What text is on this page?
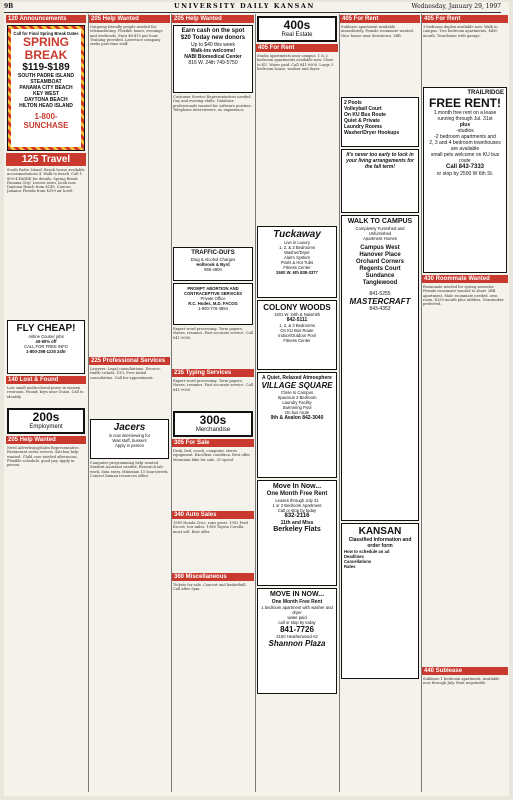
9B	UNIVERSITY DAILY KANSAN	Wednesday, January 29, 1997
120 Announcements
Call for Final Spring Break Dates
SPRING BREAK
$119-$189
SOUTH PADRE ISLAND
STEAMBOAT
PANAMA CITY BEACH
KEY WEST
DAYTONA BEACH
HILTON HEAD ISLAND
1-800-SUNCHASE
125 Travel
South Padre Island. Beach house available accommodations 4. Walk to beach. Call 1-800-4-PADRE for details. Spring Break Panama City! Lowest rates, book now. Daytona Beach from $149, Cancun Jamaica Florida from $399 air hotel.
FLY CHEAP!
Airline Courier jobs
40-90% off
CALL FOR FREE INFO
1-800-298-1230 24hr
140 Lost & Found
Lost small multicolored purse in women restroom. Found: keys near Union. Call to identify.
200s
Employment
205 Help Wanted
Need Advertising/Sales Representative. Restaurant seeks servers. Kitchen help wanted. Child care needed afternoons. Flexible schedule, good pay. Apply in person.
205 Help Wanted
Outgoing friendly people needed for telemarketing. Flexible hours, evenings and weekends. Earn $6-$10 per hour. Training provided. Lawrence company seeks part-time staff.
225 Professional Services
Lawyers: Legal consultations. Divorce, traffic tickets, DUI. Free initial consultation. Call for appointment.
Jacers
is now interviewing for
Wait staff, bussers
Apply in person
Computer programming help wanted. Student Assistant needed. Research lab work, data entry. Minimum 15 hours/week. Contact human resources office.
205 Help Wanted
Earn cash on the spot
$20 Today new donors
Up to $40 this week
Walk-ins welcome!
NABI Biomedical Center
816 W. 24th 749-5750
Customer Service Representatives needed. Day and evening shifts. Database professionals wanted for software position. Telephone interviewers, no experience.
TRAFFIC-DUI'S
Drug & Alcohol Charges
Holbrook & Byrd
865-4900
PROMPT ABORTION AND
CONTRACEPTIVE SERVICES
Private Office
R.C. Hodes, M.D. FACOG
1-800-776-4694
Expert word processing. Term papers, theses, resumes. Fast accurate service. Call 841-0000.
235 Typing Services
Expert word processing. Term papers, theses, resumes. Fast accurate service. Call 841-0000.
300s
Merchandise
305 For Sale
Desk, bed, couch, computer, stereo equipment. Excellent condition. Best offer. Mountain bike for sale, 21-speed.
340 Auto Sales
1989 Honda Civic, runs great. 1992 Ford Escort, low miles. 1988 Toyota Corolla, must sell. Best offer.
360 Miscellaneous
Tickets for sale. Concert and basketball. Call after 5pm.
400s
Real Estate
405 For Rent
Studio apartments near campus. 1 & 2 bedroom apartments available now. Close to KU. Water paid. Call 841-0000. Large 3 bedroom house, washer and dryer.
Tuckaway
Live in Luxury
1, 2, & 3 Bedrooms
Washer/Dryer
Alarm System
Pools & Hot Tubs
Fitness Center
2600 W. 6th 838-3377
COLONY WOODS
1301 W. 24th & Naismith
842-5111
1, 2, & 3 Bedrooms
On KU Bus Route
Indoor/Outdoor Pool
Fitness Center
A Quiet, Relaxed Atmosphere
VILLAGE SQUARE
Close to Campus
Spacious 2 Bedroom
Laundry Facility
Swimming Pool
On bus route
9th & Avalon 842-3040
Move In Now...
One Month Free Rent
Leases through July 31
1 or 2 Bedroom Apartment
Call or stop by today
832-2116
11th and Miss
Berkeley Flats
MOVE IN NOW...
One Month Free Rent
1 bedroom apartment with washer and dryer
water paid
call or stop by today
841-7726
2100 Heatherwood A2
Shannon Plaza
405 For Rent
Sublease apartment available immediately. Female roommate wanted. Nice house near downtown, 3BR.
2 Pools
Volleyball Court
On KU Bus Route
Quiet & Private
Laundry Rooms
Washer/Dryer Hookups
It's never too early to lock in your living arrangements for the fall term!
WALK TO CAMPUS
Completely Furnished and Unfurnished
Apartment Homes
Campus West
Hanover Place
Orchard Corners
Regents Court
Sundance
Tanglewood
841-5255
MASTERCRAFT
843-4353
KANSAN
Classified Information and order form
How to schedule an ad
Deadlines
Cancellations
Rates
405 For Rent
3 bedroom duplex available now. Walk to campus. Two bedroom apartments, $450 month. Townhome with garage.
TRAILRIDGE
FREE RENT!
1 month free rent on a lease running through Jul. 31st
plus
-studios
-2 bedroom apartments and
2, 3 and 4 bedroom townhouses are available
small pets welcome on KU bus route
Call 843-7333
or stop by 2500 W 6th St.
430 Roommate Wanted
Roommate needed for spring semester. Female roommate wanted to share 2BR apartment. Male roommate needed, own room, $250 month plus utilities. Nonsmoker preferred.
440 Sublease
Sublease 1 bedroom apartment. Available now through July. Rent negotiable.
